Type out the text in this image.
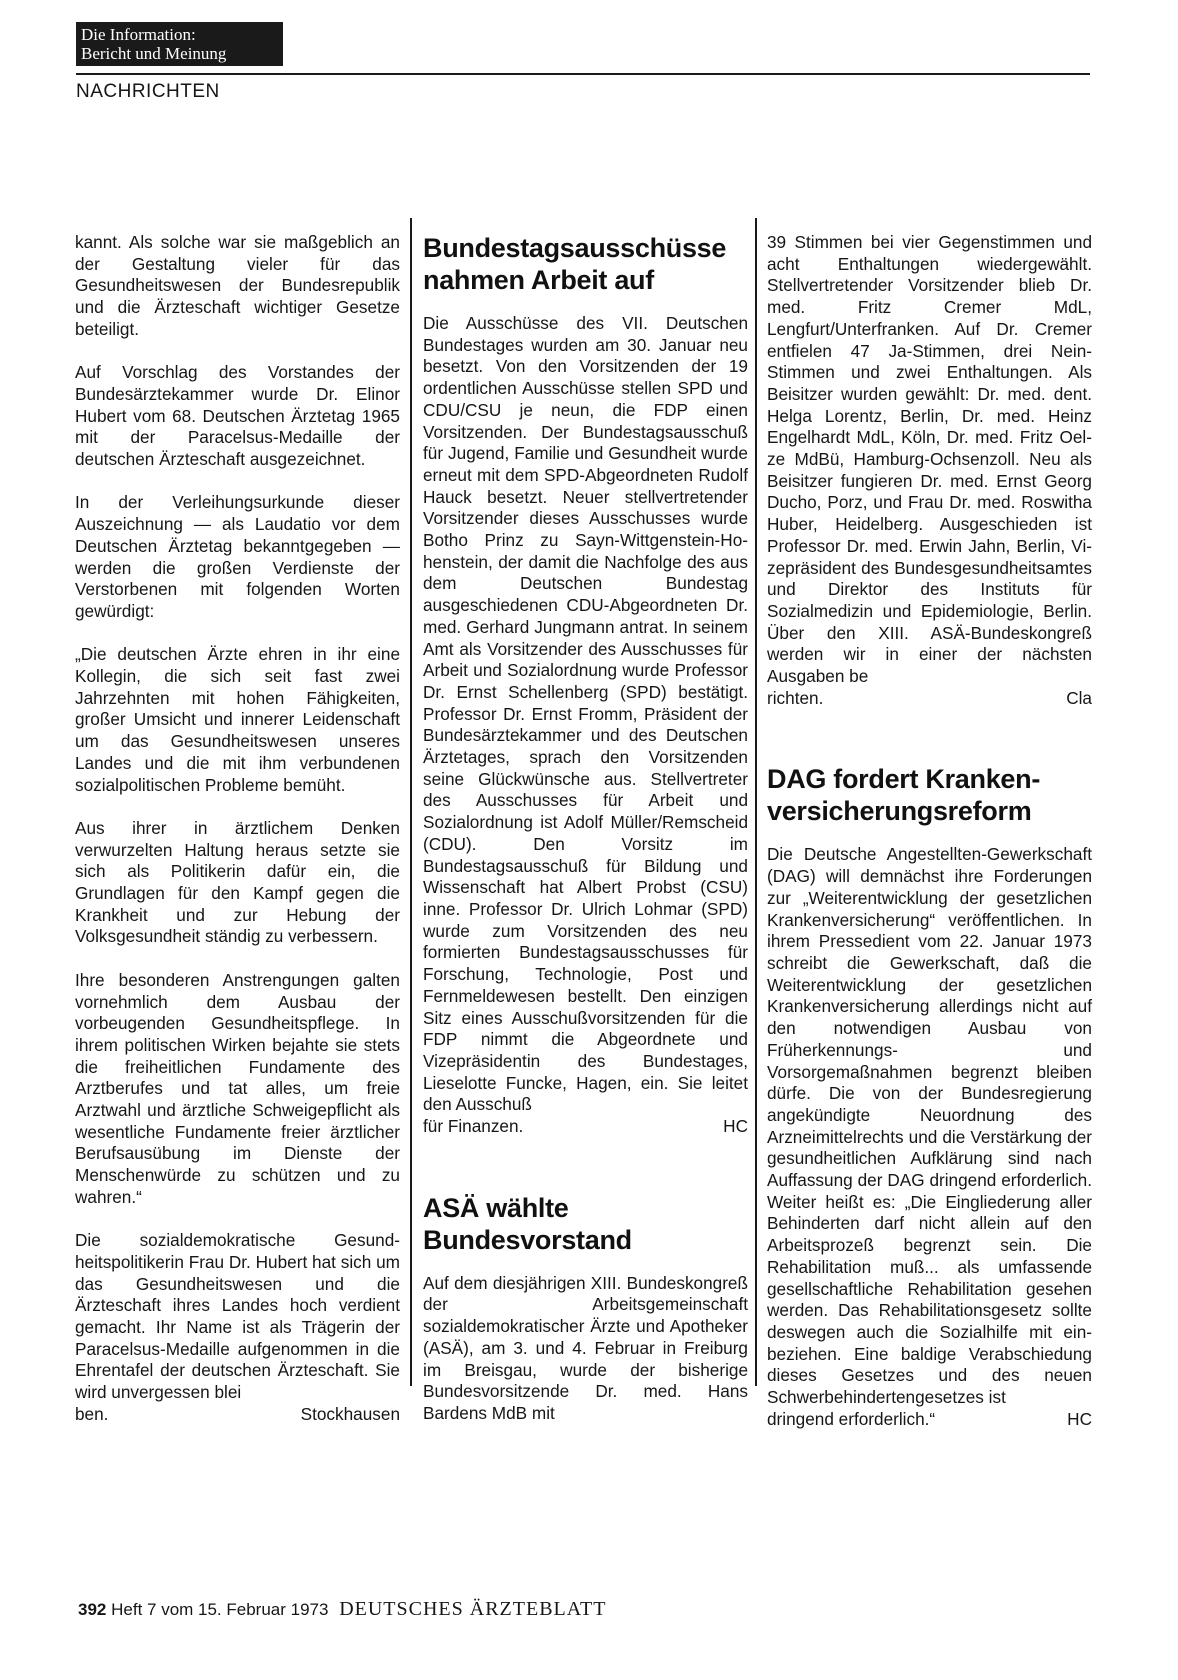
Die Information:
Bericht und Meinung
NACHRICHTEN

kannt. Als solche war sie maßgeblich an der Gestaltung vieler für das Gesundheitswesen der Bundesrepublik und die Ärzteschaft wichtiger Gesetze beteiligt.

Auf Vorschlag des Vorstandes der Bundesärztekammer wurde Dr. Elinor Hubert vom 68. Deutschen Ärztetag 1965 mit der Paracelsus-Medaille der deutschen Ärzteschaft ausgezeichnet.

In der Verleihungsurkunde dieser Auszeichnung — als Laudatio vor dem Deutschen Ärztetag bekanntgegeben — werden die großen Verdienste der Verstorbenen mit folgenden Worten gewürdigt:

„Die deutschen Ärzte ehren in ihr eine Kollegin, die sich seit fast zwei Jahrzehnten mit hohen Fähigkeiten, großer Umsicht und innerer Leidenschaft um das Gesundheitswesen unseres Landes und die mit ihm verbundenen sozialpolitischen Probleme bemüht.

Aus ihrer in ärztlichem Denken verwurzelten Haltung heraus setzte sie sich als Politikerin dafür ein, die Grundlagen für den Kampf gegen die Krankheit und zur Hebung der Volksgesundheit ständig zu verbessern.

Ihre besonderen Anstrengungen galten vornehmlich dem Ausbau der vorbeugenden Gesundheitspflege. In ihrem politischen Wirken bejahte sie stets die freiheitlichen Fundamente des Arztberufes und tat alles, um freie Arztwahl und ärztliche Schweigepflicht als wesentliche Fundamente freier ärztlicher Berufsausübung im Dienste der Menschenwürde zu schützen und zu wahren.“

Die sozialdemokratische Gesundheitspolitikerin Frau Dr. Hubert hat sich um das Gesundheitswesen und die Ärzteschaft ihres Landes hoch verdient gemacht. Ihr Name ist als Trägerin der Paracelsus-Medaille aufgenommen in die Ehrentafel der deutschen Ärzteschaft. Sie wird unvergessen blei

ben.	Stockhausen
Bundestagsausschüsse nahmen Arbeit auf

Die Ausschüsse des VII. Deutschen Bundestages wurden am 30. Januar neu besetzt. Von den Vorsitzenden der 19 ordentlichen Ausschüsse stellen SPD und CDU/CSU je neun, die FDP einen Vorsitzenden. Der Bundestagsausschuß für Jugend, Familie und Gesundheit wurde erneut mit dem SPD-Abgeordneten Rudolf Hauck besetzt. Neuer stellvertretender Vorsitzender dieses Ausschusses wurde Botho Prinz zu Sayn-Wittgenstein-Hohenstein, der damit die Nachfolge des aus dem Deutschen Bundestag ausgeschiedenen CDU-Abgeordneten Dr. med. Gerhard Jungmann antrat. In seinem Amt als Vorsitzender des Ausschusses für Arbeit und Sozialordnung wurde Professor Dr. Ernst Schellenberg (SPD) bestätigt. Professor Dr. Ernst Fromm, Präsident der Bundesärztekammer und des Deutschen Ärztetages, sprach den Vorsitzenden seine Glückwünsche aus. Stellvertreter des Ausschusses für Arbeit und Sozialordnung ist Adolf Müller/Remscheid (CDU). Den Vorsitz im Bundestagsausschuß für Bildung und Wissenschaft hat Albert Probst (CSU) inne. Professor Dr. Ulrich Lohmar (SPD) wurde zum Vorsitzenden des neu formierten Bundestagsausschusses für Forschung, Technologie, Post und Fernmeldewesen bestellt. Den einzigen Sitz eines Ausschußvorsitzenden für die FDP nimmt die Abgeordnete und Vizepräsidentin des Bundestages, Lieselotte Funcke, Hagen, ein. Sie leitet den Ausschuß

für Finanzen.	HC
ASÄ wählte Bundesvorstand

Auf dem diesjährigen XIII. Bundeskongreß der Arbeitsgemeinschaft sozialdemokratischer Ärzte und Apotheker (ASÄ), am 3. und 4. Februar in Freiburg im Breisgau, wurde der bisherige Bundesvorsitzende Dr. med. Hans Bardens MdB mit

39 Stimmen bei vier Gegenstimmen und acht Enthaltungen wiedergewählt. Stellvertretender Vorsitzender blieb Dr. med. Fritz Cremer MdL, Lengfurt/Unterfranken. Auf Dr. Cremer entfielen 47 Ja-Stimmen, drei Nein-Stimmen und zwei Enthaltungen. Als Beisitzer wurden gewählt: Dr. med. dent. Helga Lorentz, Berlin, Dr. med. Heinz Engelhardt MdL, Köln, Dr. med. Fritz Oelze MdBü, Hamburg-Ochsenzoll. Neu als Beisitzer fungieren Dr. med. Ernst Georg Ducho, Porz, und Frau Dr. med. Roswitha Huber, Heidelberg. Ausgeschieden ist Professor Dr. med. Erwin Jahn, Berlin, Vizepräsident des Bundesgesundheitsamtes und Direktor des Instituts für Sozialmedizin und Epidemiologie, Berlin. Über den XIII. ASÄ-Bundeskongreß werden wir in einer der nächsten Ausgaben be

richten.	Cla
DAG fordert Krankenversicherungsreform

Die Deutsche Angestellten-Gewerkschaft (DAG) will demnächst ihre Forderungen zur „Weiterentwicklung der gesetzlichen Krankenversicherung“ veröffentlichen. In ihrem Pressedient vom 22. Januar 1973 schreibt die Gewerkschaft, daß die Weiterentwicklung der gesetzlichen Krankenversicherung allerdings nicht auf den notwendigen Ausbau von Früherkennungs- und Vorsorgemaßnahmen begrenzt bleiben dürfe. Die von der Bundesregierung angekündigte Neuordnung des Arzneimittelrechts und die Verstärkung der gesundheitlichen Aufklärung sind nach Auffassung der DAG dringend erforderlich. Weiter heißt es: „Die Eingliederung aller Behinderten darf nicht allein auf den Arbeitsprozeß begrenzt sein. Die Rehabilitation muß... als umfassende gesellschaftliche Rehabilitation gesehen werden. Das Rehabilitationsgesetz sollte deswegen auch die Sozialhilfe mit einbeziehen. Eine baldige Verabschiedung dieses Gesetzes und des neuen Schwerbehindertengesetzes ist

dringend erforderlich.“	HC
392 Heft 7 vom 15. Februar 1973 DEUTSCHES ÄRZTEBLATT
